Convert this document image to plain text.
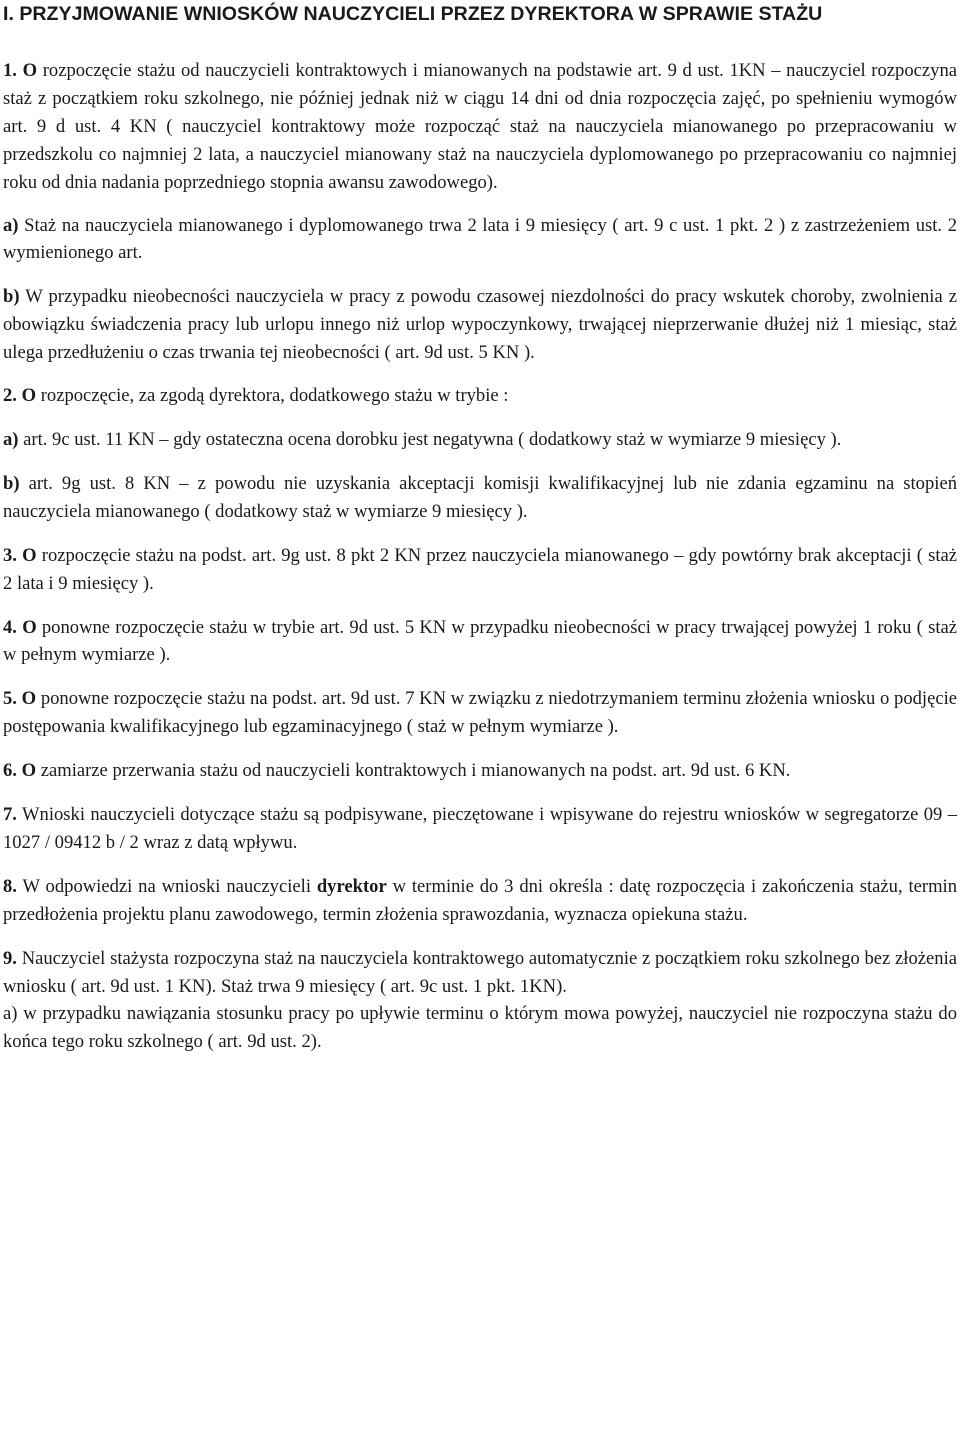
I. PRZYJMOWANIE WNIOSKÓW NAUCZYCIELI PRZEZ DYREKTORA W SPRAWIE STAŻU

1. O rozpoczęcie stażu od nauczycieli kontraktowych i mianowanych na podstawie art. 9 d ust. 1KN – nauczyciel rozpoczyna staż z początkiem roku szkolnego, nie później jednak niż w ciągu 14 dni od dnia rozpoczęcia zajęć, po spełnieniu wymogów art. 9 d ust. 4 KN ( nauczyciel kontraktowy może rozpocząć staż na nauczyciela mianowanego po przepracowaniu w przedszkolu co najmniej 2 lata, a nauczyciel mianowany staż na nauczyciela dyplomowanego po przepracowaniu co najmniej roku od dnia nadania poprzedniego stopnia awansu zawodowego).

a) Staż na nauczyciela mianowanego i dyplomowanego trwa 2 lata i 9 miesięcy ( art. 9 c ust. 1 pkt. 2 ) z zastrzeżeniem ust. 2 wymienionego art.

b) W przypadku nieobecności nauczyciela w pracy z powodu czasowej niezdolności do pracy wskutek choroby, zwolnienia z obowiązku świadczenia pracy lub urlopu innego niż urlop wypoczynkowy, trwającej nieprzerwanie dłużej niż 1 miesiąc, staż ulega przedłużeniu o czas trwania tej nieobecności ( art. 9d ust. 5 KN ).

2. O rozpoczęcie, za zgodą dyrektora, dodatkowego stażu w trybie :

a) art. 9c ust. 11 KN – gdy ostateczna ocena dorobku jest negatywna ( dodatkowy staż w wymiarze 9 miesięcy ).

b) art. 9g ust. 8 KN – z powodu nie uzyskania akceptacji komisji kwalifikacyjnej lub nie zdania egzaminu na stopień nauczyciela mianowanego ( dodatkowy staż w wymiarze 9 miesięcy ).

3. O rozpoczęcie stażu na podst. art. 9g ust. 8 pkt 2 KN przez nauczyciela mianowanego – gdy powtórny brak akceptacji ( staż 2 lata i 9 miesięcy ).

4. O ponowne rozpoczęcie stażu w trybie art. 9d ust. 5 KN w przypadku nieobecności w pracy trwającej powyżej 1 roku ( staż w pełnym wymiarze ).

5. O ponowne rozpoczęcie stażu na podst. art. 9d ust. 7 KN w związku z niedotrzymaniem terminu złożenia wniosku o podjęcie postępowania kwalifikacyjnego lub egzaminacyjnego ( staż w pełnym wymiarze ).

6. O zamiarze przerwania stażu od nauczycieli kontraktowych i mianowanych na podst. art. 9d ust. 6 KN.

7. Wnioski nauczycieli dotyczące stażu są podpisywane, pieczętowane i wpisywane do rejestru wniosków w segregatorze 09 – 1027 / 09412 b / 2 wraz z datą wpływu.

8. W odpowiedzi na wnioski nauczycieli dyrektor w terminie do 3 dni określa : datę rozpoczęcia i zakończenia stażu, termin przedłożenia projektu planu zawodowego, termin złożenia sprawozdania, wyznacza opiekuna stażu.

9. Nauczyciel stażysta rozpoczyna staż na nauczyciela kontraktowego automatycznie z początkiem roku szkolnego bez złożenia wniosku ( art. 9d ust. 1 KN). Staż trwa 9 miesięcy ( art. 9c ust. 1 pkt. 1KN).

a) w przypadku nawiązania stosunku pracy po upływie terminu o którym mowa powyżej, nauczyciel nie rozpoczyna stażu do końca tego roku szkolnego ( art. 9d ust. 2).
